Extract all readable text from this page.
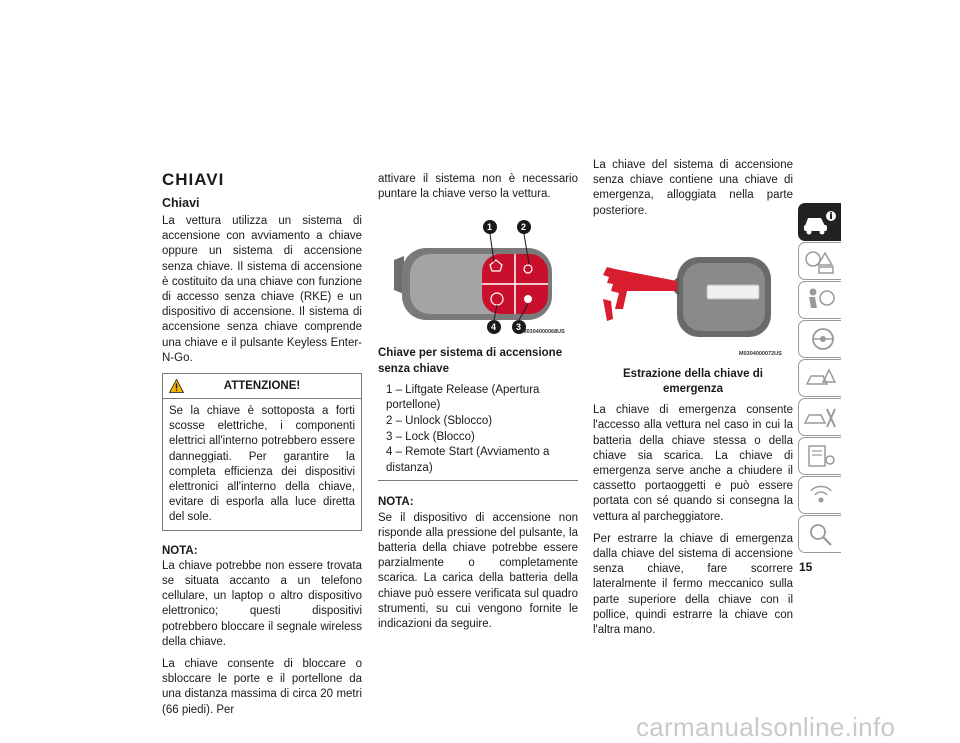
CHIAVI
Chiavi

La vettura utilizza un sistema di accensione con avviamento a chiave oppure un sistema di accensione senza chiave. Il sistema di accensione è costituito da una chiave con funzione di accesso senza chiave (RKE) e un dispositivo di accensione. Il sistema di accensione senza chiave comprende una chiave e il pulsante Keyless Enter-N-Go.

ATTENZIONE!
Se la chiave è sottoposta a forti scosse elettriche, i componenti elettrici all'interno potrebbero essere danneggiati. Per garantire la completa efficienza dei dispositivi elettronici all'interno della chiave, evitare di esporla alla luce diretta del sole.
NOTA:

La chiave potrebbe non essere trovata se situata accanto a un telefono cellulare, un laptop o altro dispositivo elettronico; questi dispositivi potrebbero bloccare il segnale wireless della chiave.

La chiave consente di bloccare o sbloccare le porte e il portellone da una distanza massima di circa 20 metri (66 piedi). Per

attivare il sistema non è necessario puntare la chiave verso la vettura.

1	2
3
4	M0304000068US
Chiave per sistema di accensione senza chiave
1 – Liftgate Release (Apertura portellone)
2 – Unlock (Sblocco)
3 – Lock (Blocco)
4 – Remote Start (Avviamento a distanza)
NOTA:

Se il dispositivo di accensione non risponde alla pressione del pulsante, la batteria della chiave potrebbe essere parzialmente o completamente scarica. La carica della batteria della chiave può essere verificata sul quadro strumenti, su cui vengono fornite le indicazioni da seguire.

La chiave del sistema di accensione senza chiave contiene una chiave di emergenza, alloggiata nella parte posteriore.

M0304000072US
Estrazione della chiave di emergenza

La chiave di emergenza consente l'accesso alla vettura nel caso in cui la batteria della chiave stessa o della chiave sia scarica. La chiave di emergenza serve anche a chiudere il cassetto portaoggetti e può essere portata con sé quando si consegna la vettura al parcheggiatore.

Per estrarre la chiave di emergenza dalla chiave del sistema di accensione senza chiave, fare scorrere lateralmente il fermo meccanico sulla parte superiore della chiave con il pollice, quindi estrarre la chiave con l'altra mano.

15
carmanualsonline.info
